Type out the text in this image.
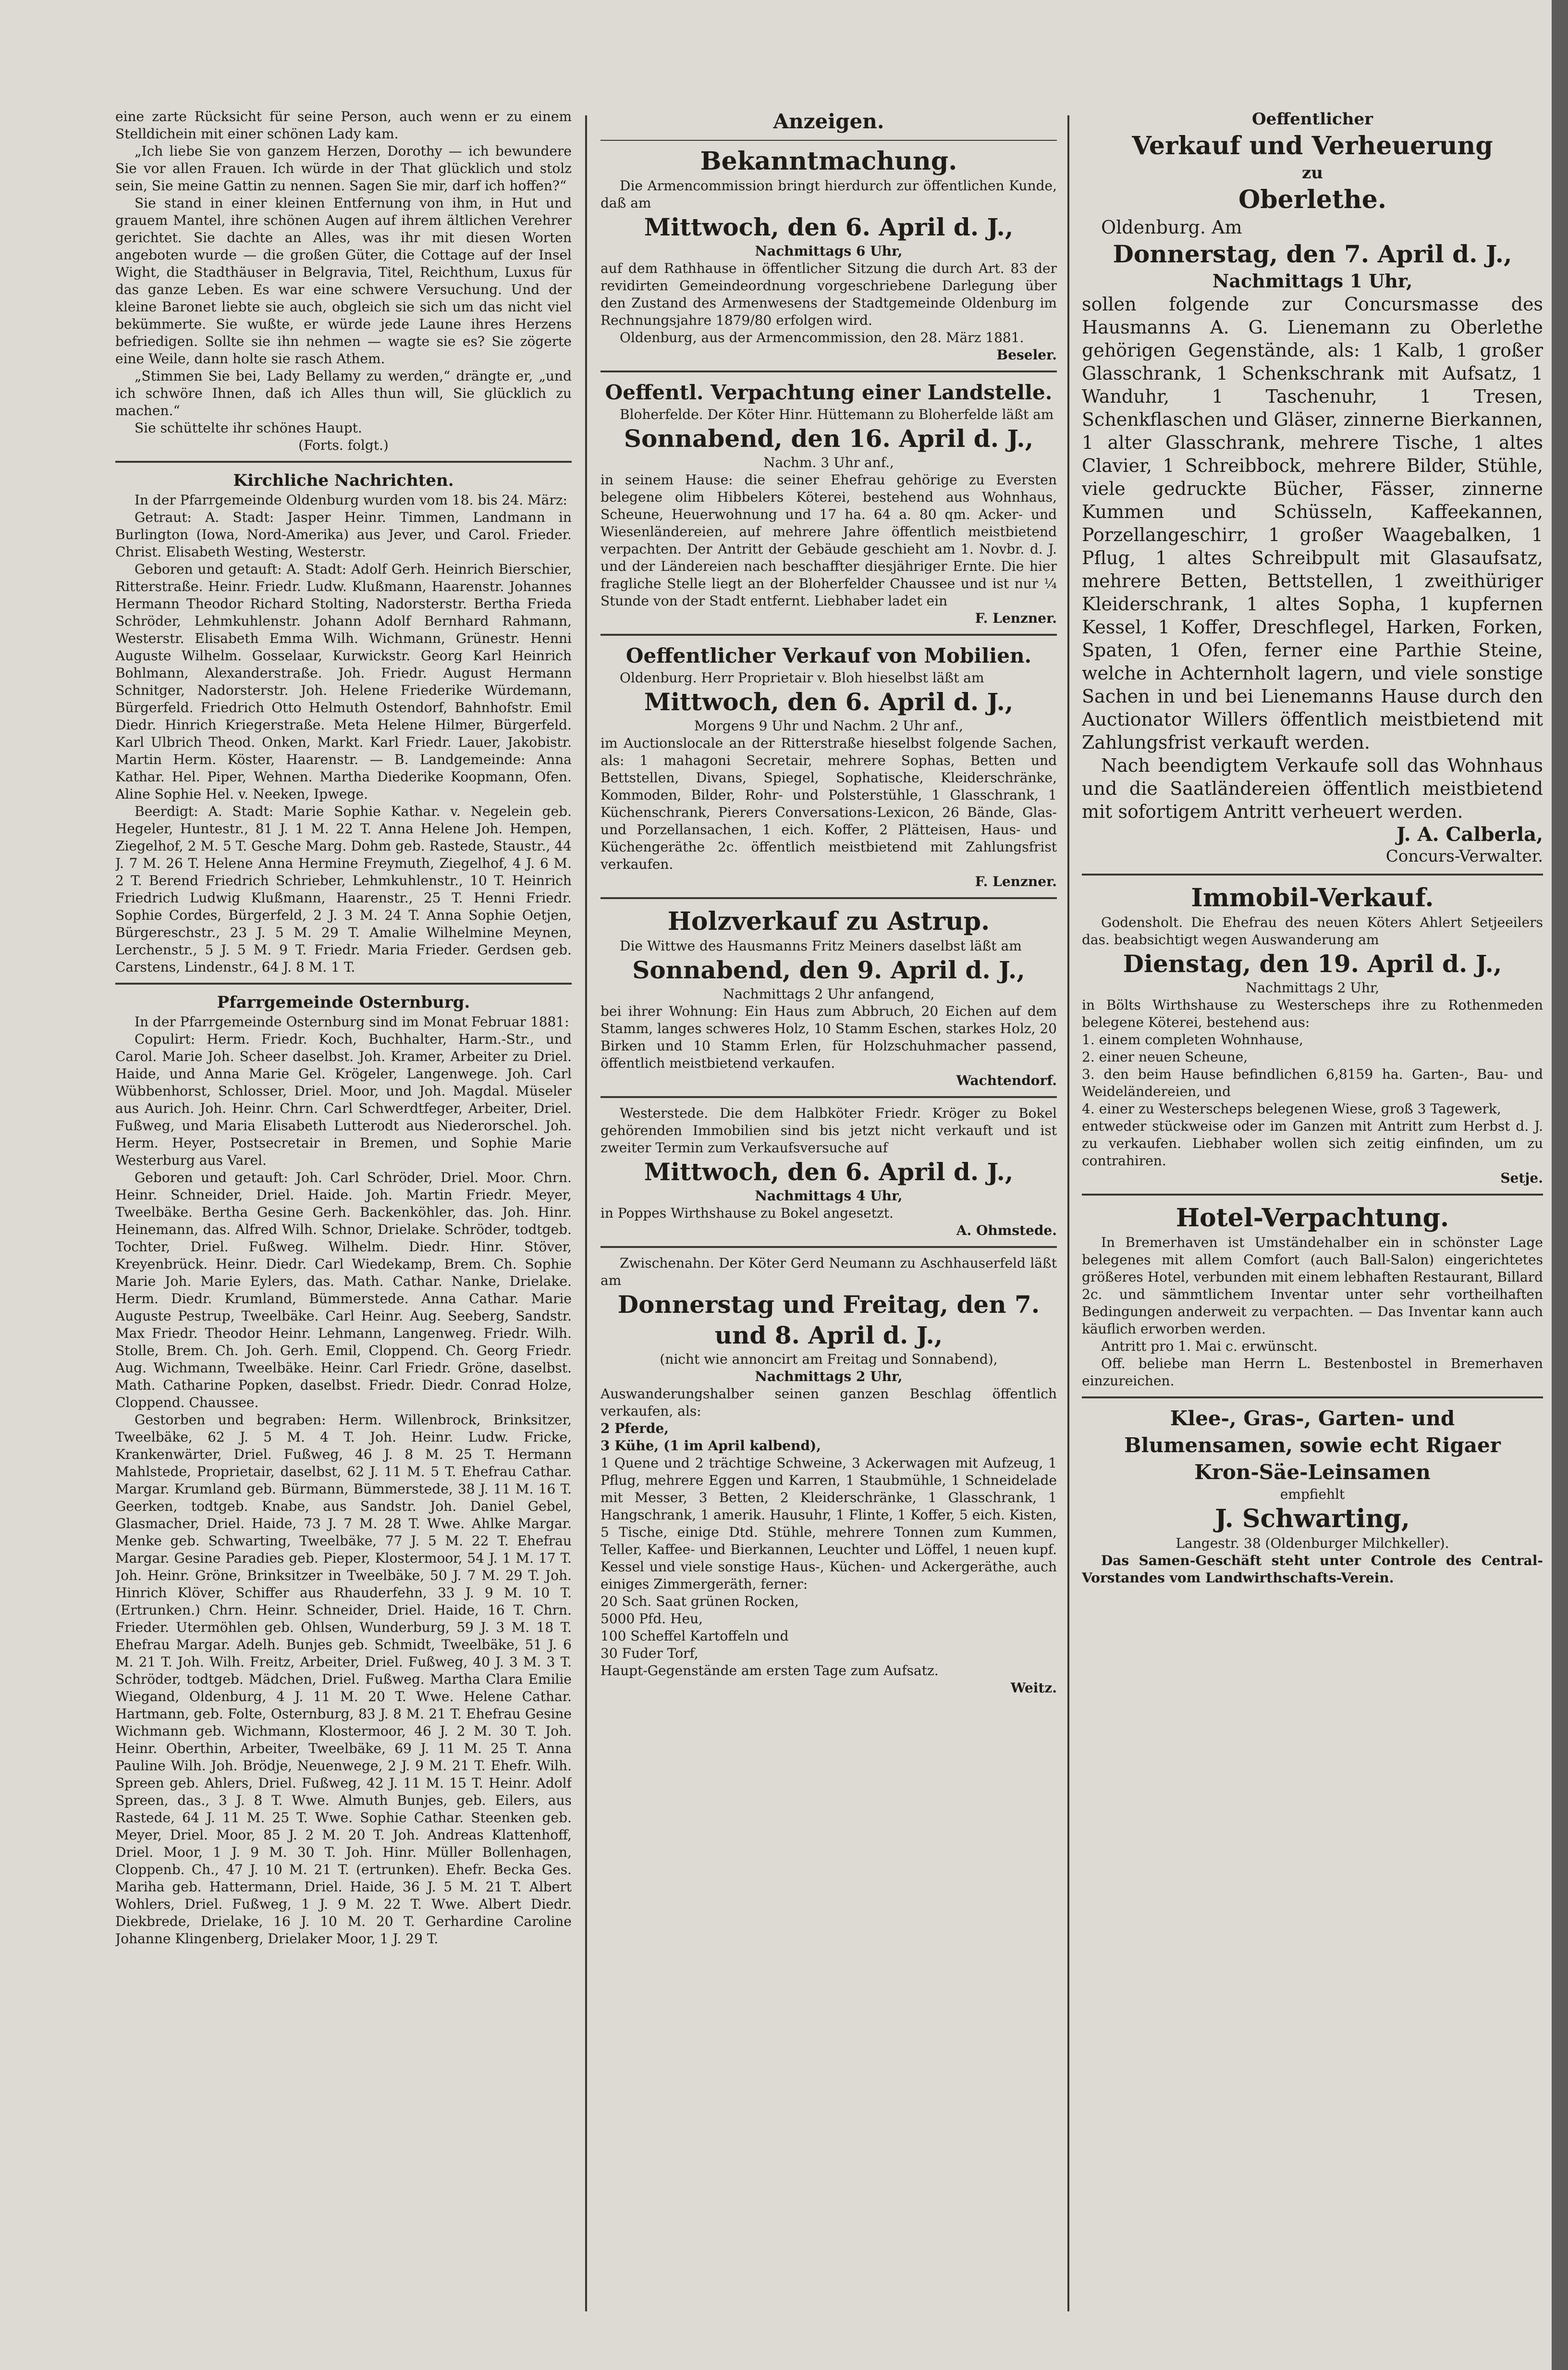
eine zarte Rücksicht für seine Person, auch wenn er zu einem Stelldichein mit einer schönen Lady kam.

„Ich liebe Sie von ganzem Herzen, Dorothy — ich bewundere Sie vor allen Frauen. Ich würde in der That glücklich und stolz sein, Sie meine Gattin zu nennen. Sagen Sie mir, darf ich hoffen?“

Sie stand in einer kleinen Entfernung von ihm, in Hut und grauem Mantel, ihre schönen Augen auf ihrem ältlichen Verehrer gerichtet. Sie dachte an Alles, was ihr mit diesen Worten angeboten wurde — die großen Güter, die Cottage auf der Insel Wight, die Stadthäuser in Belgravia, Titel, Reichthum, Luxus für das ganze Leben. Es war eine schwere Versuchung. Und der kleine Baronet liebte sie auch, obgleich sie sich um das nicht viel bekümmerte. Sie wußte, er würde jede Laune ihres Herzens befriedigen. Sollte sie ihn nehmen — wagte sie es? Sie zögerte eine Weile, dann holte sie rasch Athem.

„Stimmen Sie bei, Lady Bellamy zu werden,“ drängte er, „und ich schwöre Ihnen, daß ich Alles thun will, Sie glücklich zu machen.“

Sie schüttelte ihr schönes Haupt.

(Forts. folgt.)

Kirchliche Nachrichten.

In der Pfarrgemeinde Oldenburg wurden vom 18. bis 24. März:

Getraut: A. Stadt: Jasper Heinr. Timmen, Landmann in Burlington (Iowa, Nord-Amerika) aus Jever, und Carol. Frieder. Christ. Elisabeth Westing, Westerstr.

Geboren und getauft: A. Stadt: Adolf Gerh. Heinrich Bierschier, Ritterstraße. Heinr. Friedr. Ludw. Klußmann, Haarenstr. Johannes Hermann Theodor Richard Stolting, Nadorsterstr. Bertha Frieda Schröder, Lehmkuhlenstr. Johann Adolf Bernhard Rahmann, Westerstr. Elisabeth Emma Wilh. Wichmann, Grünestr. Henni Auguste Wilhelm. Gosselaar, Kurwickstr. Georg Karl Heinrich Bohlmann, Alexanderstraße. Joh. Friedr. August Hermann Schnitger, Nadorsterstr. Joh. Helene Friederike Würdemann, Bürgerfeld. Friedrich Otto Helmuth Ostendorf, Bahnhofstr. Emil Diedr. Hinrich Kriegerstraße. Meta Helene Hilmer, Bürgerfeld. Karl Ulbrich Theod. Onken, Markt. Karl Friedr. Lauer, Jakobistr. Martin Herm. Köster, Haarenstr. — B. Landgemeinde: Anna Kathar. Hel. Piper, Wehnen. Martha Diederike Koopmann, Ofen. Aline Sophie Hel. v. Neeken, Ipwege.

Beerdigt: A. Stadt: Marie Sophie Kathar. v. Negelein geb. Hegeler, Huntestr., 81 J. 1 M. 22 T. Anna Helene Joh. Hempen, Ziegelhof, 2 M. 5 T. Gesche Marg. Dohm geb. Rastede, Staustr., 44 J. 7 M. 26 T. Helene Anna Hermine Freymuth, Ziegelhof, 4 J. 6 M. 2 T. Berend Friedrich Schrieber, Lehmkuhlenstr., 10 T. Heinrich Friedrich Ludwig Klußmann, Haarenstr., 25 T. Henni Friedr. Sophie Cordes, Bürgerfeld, 2 J. 3 M. 24 T. Anna Sophie Oetjen, Bürgereschstr., 23 J. 5 M. 29 T. Amalie Wilhelmine Meynen, Lerchenstr., 5 J. 5 M. 9 T. Friedr. Maria Frieder. Gerdsen geb. Carstens, Lindenstr., 64 J. 8 M. 1 T.

Pfarrgemeinde Osternburg.

In der Pfarrgemeinde Osternburg sind im Monat Februar 1881:

Copulirt: Herm. Friedr. Koch, Buchhalter, Harm.-Str., und Carol. Marie Joh. Scheer daselbst. Joh. Kramer, Arbeiter zu Driel. Haide, und Anna Marie Gel. Krögeler, Langenwege. Joh. Carl Wübbenhorst, Schlosser, Driel. Moor, und Joh. Magdal. Müseler aus Aurich. Joh. Heinr. Chrn. Carl Schwerdtfeger, Arbeiter, Driel. Fußweg, und Maria Elisabeth Lutterodt aus Niederorschel. Joh. Herm. Heyer, Postsecretair in Bremen, und Sophie Marie Westerburg aus Varel.

Geboren und getauft: Joh. Carl Schröder, Driel. Moor. Chrn. Heinr. Schneider, Driel. Haide. Joh. Martin Friedr. Meyer, Tweelbäke. Bertha Gesine Gerh. Backenköhler, das. Joh. Hinr. Heinemann, das. Alfred Wilh. Schnor, Drielake. Schröder, todtgeb. Tochter, Driel. Fußweg. Wilhelm. Diedr. Hinr. Stöver, Kreyenbrück. Heinr. Diedr. Carl Wiedekamp, Brem. Ch. Sophie Marie Joh. Marie Eylers, das. Math. Cathar. Nanke, Drielake. Herm. Diedr. Krumland, Bümmerstede. Anna Cathar. Marie Auguste Pestrup, Tweelbäke. Carl Heinr. Aug. Seeberg, Sandstr. Max Friedr. Theodor Heinr. Lehmann, Langenweg. Friedr. Wilh. Stolle, Brem. Ch. Joh. Gerh. Emil, Cloppend. Ch. Georg Friedr. Aug. Wichmann, Tweelbäke. Heinr. Carl Friedr. Gröne, daselbst. Math. Catharine Popken, daselbst. Friedr. Diedr. Conrad Holze, Cloppend. Chaussee.

Gestorben und begraben: Herm. Willenbrock, Brinksitzer, Tweelbäke, 62 J. 5 M. 4 T. Joh. Heinr. Ludw. Fricke, Krankenwärter, Driel. Fußweg, 46 J. 8 M. 25 T. Hermann Mahlstede, Proprietair, daselbst, 62 J. 11 M. 5 T. Ehefrau Cathar. Margar. Krumland geb. Bürmann, Bümmerstede, 38 J. 11 M. 16 T. Geerken, todtgeb. Knabe, aus Sandstr. Joh. Daniel Gebel, Glasmacher, Driel. Haide, 73 J. 7 M. 28 T. Wwe. Ahlke Margar. Menke geb. Schwarting, Tweelbäke, 77 J. 5 M. 22 T. Ehefrau Margar. Gesine Paradies geb. Pieper, Klostermoor, 54 J. 1 M. 17 T. Joh. Heinr. Gröne, Brinksitzer in Tweelbäke, 50 J. 7 M. 29 T. Joh. Hinrich Klöver, Schiffer aus Rhauderfehn, 33 J. 9 M. 10 T. (Ertrunken.) Chrn. Heinr. Schneider, Driel. Haide, 16 T. Chrn. Frieder. Utermöhlen geb. Ohlsen, Wunderburg, 59 J. 3 M. 18 T. Ehefrau Margar. Adelh. Bunjes geb. Schmidt, Tweelbäke, 51 J. 6 M. 21 T. Joh. Wilh. Freitz, Arbeiter, Driel. Fußweg, 40 J. 3 M. 3 T. Schröder, todtgeb. Mädchen, Driel. Fußweg. Martha Clara Emilie Wiegand, Oldenburg, 4 J. 11 M. 20 T. Wwe. Helene Cathar. Hartmann, geb. Folte, Osternburg, 83 J. 8 M. 21 T. Ehefrau Gesine Wichmann geb. Wichmann, Klostermoor, 46 J. 2 M. 30 T. Joh. Heinr. Oberthin, Arbeiter, Tweelbäke, 69 J. 11 M. 25 T. Anna Pauline Wilh. Joh. Brödje, Neuenwege, 2 J. 9 M. 21 T. Ehefr. Wilh. Spreen geb. Ahlers, Driel. Fußweg, 42 J. 11 M. 15 T. Heinr. Adolf Spreen, das., 3 J. 8 T. Wwe. Almuth Bunjes, geb. Eilers, aus Rastede, 64 J. 11 M. 25 T. Wwe. Sophie Cathar. Steenken geb. Meyer, Driel. Moor, 85 J. 2 M. 20 T. Joh. Andreas Klattenhoff, Driel. Moor, 1 J. 9 M. 30 T. Joh. Hinr. Müller Bollenhagen, Cloppenb. Ch., 47 J. 10 M. 21 T. (ertrunken). Ehefr. Becka Ges. Mariha geb. Hattermann, Driel. Haide, 36 J. 5 M. 21 T. Albert Wohlers, Driel. Fußweg, 1 J. 9 M. 22 T. Wwe. Albert Diedr. Diekbrede, Drielake, 16 J. 10 M. 20 T. Gerhardine Caroline Johanne Klingenberg, Drielaker Moor, 1 J. 29 T.

Anzeigen.

Bekanntmachung.

Die Armencommission bringt hierdurch zur öffentlichen Kunde, daß am

Mittwoch, den 6. April d. J.,

Nachmittags 6 Uhr,

auf dem Rathhause in öffentlicher Sitzung die durch Art. 83 der revidirten Gemeindeordnung vorgeschriebene Darlegung über den Zustand des Armenwesens der Stadtgemeinde Oldenburg im Rechnungsjahre 1879/80 erfolgen wird.

Oldenburg, aus der Armencommission, den 28. März 1881.

Beseler.

Oeffentl. Verpachtung einer Landstelle.

Bloherfelde. Der Köter Hinr. Hüttemann zu Bloherfelde läßt am

Sonnabend, den 16. April d. J.,

Nachm. 3 Uhr anf.,

in seinem Hause: die seiner Ehefrau gehörige zu Eversten belegene olim Hibbelers Köterei, bestehend aus Wohnhaus, Scheune, Heuerwohnung und 17 ha. 64 a. 80 qm. Acker- und Wiesenländereien, auf mehrere Jahre öffentlich meistbietend verpachten. Der Antritt der Gebäude geschieht am 1. Novbr. d. J. und der Ländereien nach beschaffter diesjähriger Ernte. Die hier fragliche Stelle liegt an der Bloherfelder Chaussee und ist nur ¼ Stunde von der Stadt entfernt. Liebhaber ladet ein

F. Lenzner.

Oeffentlicher Verkauf von Mobilien.

Oldenburg. Herr Proprietair v. Bloh hieselbst läßt am

Mittwoch, den 6. April d. J.,

Morgens 9 Uhr und Nachm. 2 Uhr anf.,

im Auctionslocale an der Ritterstraße hieselbst folgende Sachen, als: 1 mahagoni Secretair, mehrere Sophas, Betten und Bettstellen, Divans, Spiegel, Sophatische, Kleiderschränke, Kommoden, Bilder, Rohr- und Polsterstühle, 1 Glasschrank, 1 Küchenschrank, Pierers Conversations-Lexicon, 26 Bände, Glas- und Porzellansachen, 1 eich. Koffer, 2 Plätteisen, Haus- und Küchengeräthe 2c. öffentlich meistbietend mit Zahlungsfrist verkaufen.

F. Lenzner.

Holzverkauf zu Astrup.

Die Wittwe des Hausmanns Fritz Meiners daselbst läßt am

Sonnabend, den 9. April d. J.,

Nachmittags 2 Uhr anfangend,

bei ihrer Wohnung: Ein Haus zum Abbruch, 20 Eichen auf dem Stamm, langes schweres Holz, 10 Stamm Eschen, starkes Holz, 20 Birken und 10 Stamm Erlen, für Holzschuhmacher passend, öffentlich meistbietend verkaufen.

Wachtendorf.

Westerstede. Die dem Halbköter Friedr. Kröger zu Bokel gehörenden Immobilien sind bis jetzt nicht verkauft und ist zweiter Termin zum Verkaufsversuche auf

Mittwoch, den 6. April d. J.,

Nachmittags 4 Uhr,

in Poppes Wirthshause zu Bokel angesetzt.

A. Ohmstede.

Zwischenahn. Der Köter Gerd Neumann zu Aschhauserfeld läßt am

Donnerstag und Freitag, den 7. und 8. April d. J.,

(nicht wie annoncirt am Freitag und Sonnabend),

Nachmittags 2 Uhr,

Auswanderungshalber seinen ganzen Beschlag öffentlich verkaufen, als:

2 Pferde,

3 Kühe, (1 im April kalbend),

1 Quene und 2 trächtige Schweine, 3 Ackerwagen mit Aufzeug, 1 Pflug, mehrere Eggen und Karren, 1 Staubmühle, 1 Schneidelade mit Messer, 3 Betten, 2 Kleiderschränke, 1 Glasschrank, 1 Hangschrank, 1 amerik. Hausuhr, 1 Flinte, 1 Koffer, 5 eich. Kisten, 5 Tische, einige Dtd. Stühle, mehrere Tonnen zum Kummen, Teller, Kaffee- und Bierkannen, Leuchter und Löffel, 1 neuen kupf. Kessel und viele sonstige Haus-, Küchen- und Ackergeräthe, auch einiges Zimmergeräth, ferner:

20 Sch. Saat grünen Rocken,

5000 Pfd. Heu,

100 Scheffel Kartoffeln und

30 Fuder Torf,

Haupt-Gegenstände am ersten Tage zum Aufsatz.

Weitz.

Oeffentlicher

Verkauf und Verheuerung

zu

Oberlethe.

Oldenburg. Am

Donnerstag, den 7. April d. J.,

Nachmittags 1 Uhr,

sollen folgende zur Concursmasse des Hausmanns A. G. Lienemann zu Oberlethe gehörigen Gegenstände, als: 1 Kalb, 1 großer Glasschrank, 1 Schenkschrank mit Aufsatz, 1 Wanduhr, 1 Taschenuhr, 1 Tresen, Schenkflaschen und Gläser, zinnerne Bierkannen, 1 alter Glasschrank, mehrere Tische, 1 altes Clavier, 1 Schreibbock, mehrere Bilder, Stühle, viele gedruckte Bücher, Fässer, zinnerne Kummen und Schüsseln, Kaffeekannen, Porzellangeschirr, 1 großer Waagebalken, 1 Pflug, 1 altes Schreibpult mit Glasaufsatz, mehrere Betten, Bettstellen, 1 zweithüriger Kleiderschrank, 1 altes Sopha, 1 kupfernen Kessel, 1 Koffer, Dreschflegel, Harken, Forken, Spaten, 1 Ofen, ferner eine Parthie Steine, welche in Achternholt lagern, und viele sonstige Sachen in und bei Lienemanns Hause durch den Auctionator Willers öffentlich meistbietend mit Zahlungsfrist verkauft werden.

Nach beendigtem Verkaufe soll das Wohnhaus und die Saatländereien öffentlich meistbietend mit sofortigem Antritt verheuert werden.

J. A. Calberla,

Concurs-Verwalter.

Immobil-Verkauf.

Godensholt. Die Ehefrau des neuen Köters Ahlert Setjeeilers das. beabsichtigt wegen Auswanderung am

Dienstag, den 19. April d. J.,

Nachmittags 2 Uhr,

in Bölts Wirthshause zu Westerscheps ihre zu Rothenmeden belegene Köterei, bestehend aus:

1. einem completen Wohnhause,

2. einer neuen Scheune,

3. den beim Hause befindlichen 6,8159 ha. Garten-, Bau- und Weideländereien, und

4. einer zu Westerscheps belegenen Wiese, groß 3 Tagewerk,

entweder stückweise oder im Ganzen mit Antritt zum Herbst d. J. zu verkaufen. Liebhaber wollen sich zeitig einfinden, um zu contrahiren.

Setje.

Hotel-Verpachtung.

In Bremerhaven ist Umständehalber ein in schönster Lage belegenes mit allem Comfort (auch Ball-Salon) eingerichtetes größeres Hotel, verbunden mit einem lebhaften Restaurant, Billard 2c. und sämmtlichem Inventar unter sehr vortheilhaften Bedingungen anderweit zu verpachten. — Das Inventar kann auch käuflich erworben werden.

Antritt pro 1. Mai c. erwünscht.

Off. beliebe man Herrn L. Bestenbostel in Bremerhaven einzureichen.

Klee-, Gras-, Garten- und

Blumensamen, sowie echt Rigaer

Kron-Säe-Leinsamen

empfiehlt

J. Schwarting,

Langestr. 38 (Oldenburger Milchkeller).

Das Samen-Geschäft steht unter Controle des Central-Vorstandes vom Landwirthschafts-Verein.
